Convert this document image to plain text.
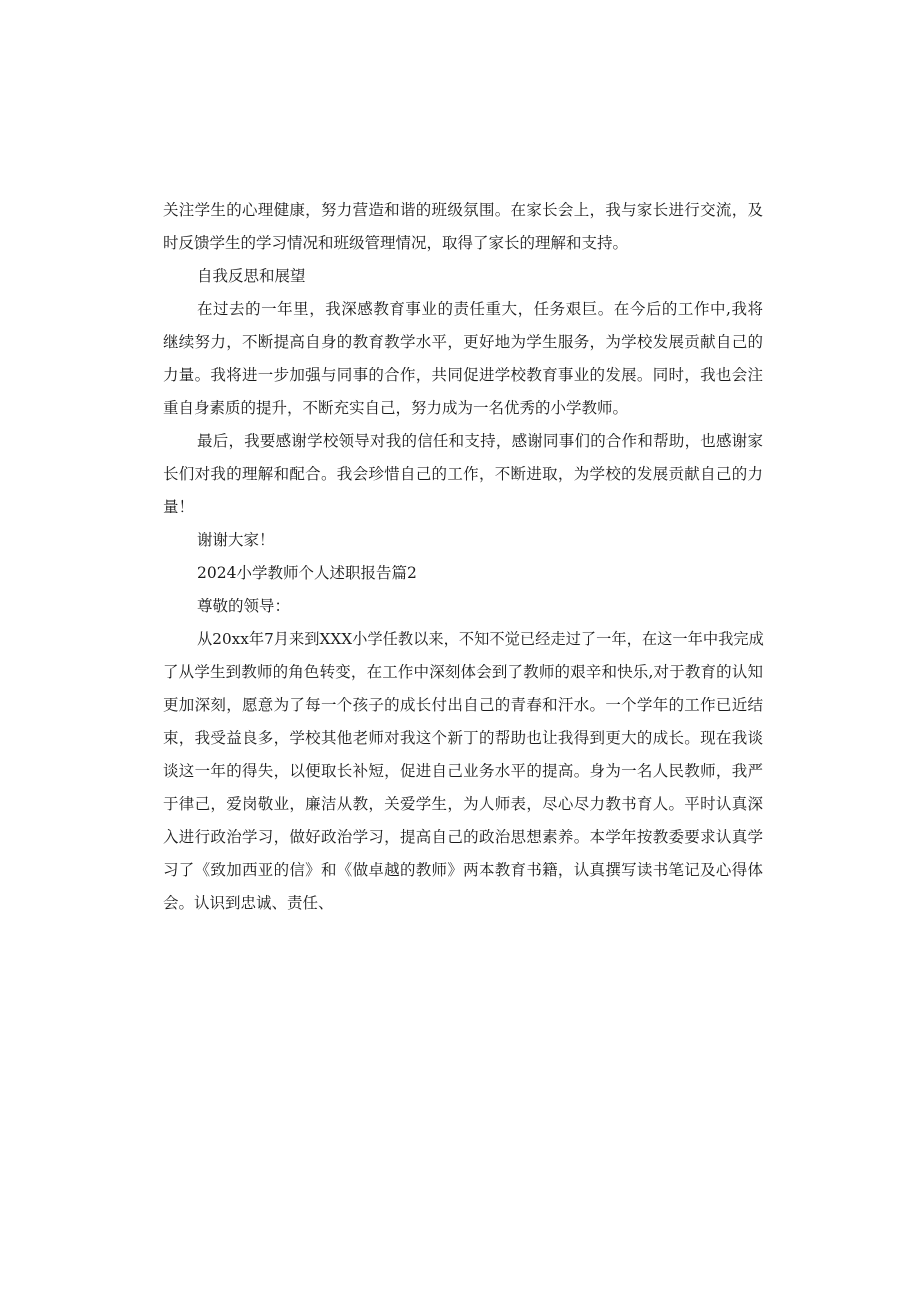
关注学生的心理健康，努力营造和谐的班级氛围。在家长会上，我与家长进行交流，及
时反馈学生的学习情况和班级管理情况，取得了家长的理解和支持。
自我反思和展望
在过去的一年里，我深感教育事业的责任重大，任务艰巨。在今后的工作中,我将
继续努力，不断提高自身的教育教学水平，更好地为学生服务，为学校发展贡献自己的
力量。我将进一步加强与同事的合作，共同促进学校教育事业的发展。同时，我也会注
重自身素质的提升，不断充实自己，努力成为一名优秀的小学教师。
最后，我要感谢学校领导对我的信任和支持，感谢同事们的合作和帮助，也感谢家
长们对我的理解和配合。我会珍惜自己的工作，不断进取，为学校的发展贡献自己的力
量！
谢谢大家！
2024小学教师个人述职报告篇2
尊敬的领导：
从20xx年7月来到XXX小学任教以来，不知不觉已经走过了一年，在这一年中我完成
了从学生到教师的角色转变，在工作中深刻体会到了教师的艰辛和快乐,对于教育的认知
更加深刻，愿意为了每一个孩子的成长付出自己的青春和汗水。一个学年的工作已近结
束，我受益良多，学校其他老师对我这个新丁的帮助也让我得到更大的成长。现在我谈
谈这一年的得失，以便取长补短，促进自己业务水平的提高。身为一名人民教师，我严
于律己，爱岗敬业，廉洁从教，关爱学生，为人师表，尽心尽力教书育人。平时认真深
入进行政治学习，做好政治学习，提高自己的政治思想素养。本学年按教委要求认真学
习了《致加西亚的信》和《做卓越的教师》两本教育书籍，认真撰写读书笔记及心得体
会。认识到忠诚、责任、
